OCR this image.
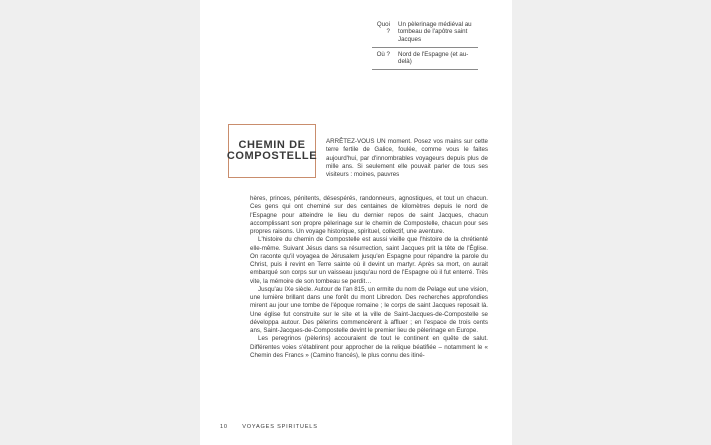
Quoi ?
Un pèlerinage médiéval au tombeau de l'apôtre saint Jacques
Où ?	Nord de l'Espagne (et au-delà)
CHEMIN DE
COMPOSTELLE

ARRÊTEZ-VOUS UN moment. Posez vos mains sur cette terre fertile de Galice, foulée, comme vous le faites aujourd'hui, par d'innombrables voyageurs depuis plus de mille ans. Si seulement elle pouvait parler de tous ses visiteurs : moines, pauvres

hères, princes, pénitents, désespérés, randonneurs, agnostiques, et tout un chacun. Ces gens qui ont cheminé sur des centaines de kilomètres depuis le nord de l'Espagne pour atteindre le lieu du dernier repos de saint Jacques, chacun accomplissant son propre pèlerinage sur le chemin de Compostelle, chacun pour ses propres raisons. Un voyage historique, spirituel, collectif, une aventure.

L'histoire du chemin de Compostelle est aussi vieille que l'histoire de la chrétienté elle-même. Suivant Jésus dans sa résurrection, saint Jacques prit la tête de l'Église. On raconte qu'il voyagea de Jérusalem jusqu'en Espagne pour répandre la parole du Christ, puis il revint en Terre sainte où il devint un martyr. Après sa mort, on aurait embarqué son corps sur un vaisseau jusqu'au nord de l'Espagne où il fut enterré. Très vite, la mémoire de son tombeau se perdit…

Jusqu'au IXe siècle. Autour de l'an 815, un ermite du nom de Pelage eut une vision, une lumière brillant dans une forêt du mont Libredon. Des recherches approfondies mirent au jour une tombe de l'époque romaine ; le corps de saint Jacques reposait là. Une église fut construite sur le site et la ville de Saint-Jacques-de-Compostelle se développa autour. Des pèlerins commencèrent à affluer ; en l'espace de trois cents ans, Saint-Jacques-de-Compostelle devint le premier lieu de pèlerinage en Europe.

Les peregrinos (pèlerins) accouraient de tout le continent en quête de salut. Différentes voies s'établirent pour approcher de la relique béatifiée – notamment le « Chemin des Francs » (Camino francés), le plus connu des itiné-

10	VOYAGES SPIRITUELS
